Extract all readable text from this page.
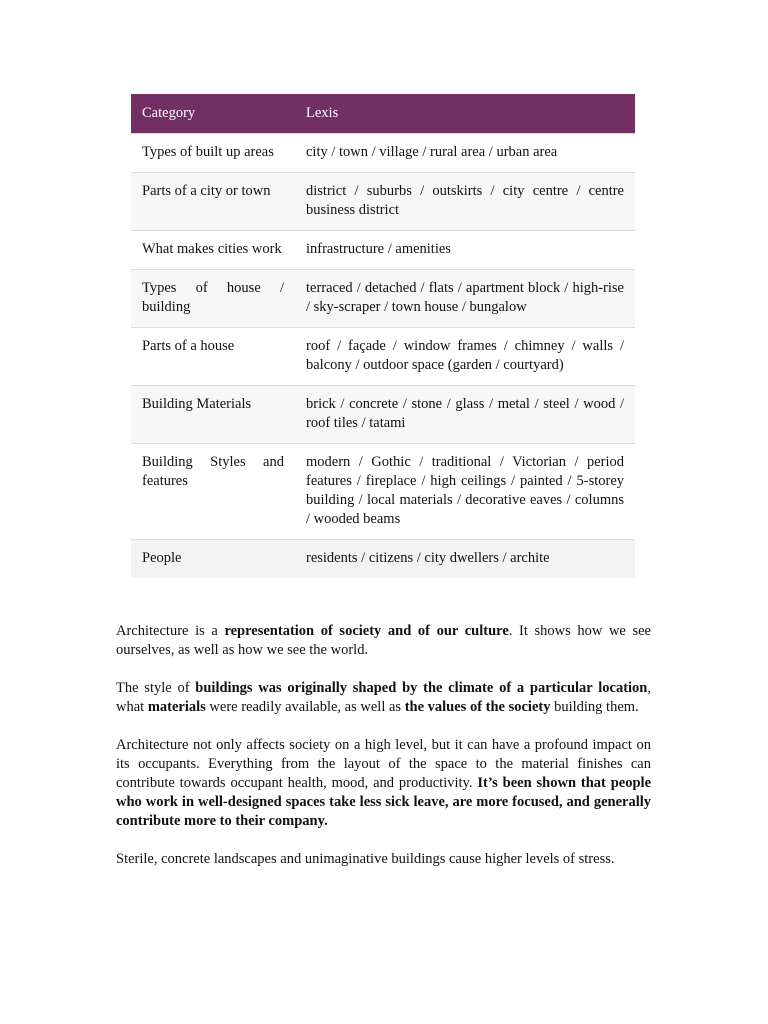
Category	Lexis
Types of built up areas	city / town / village / rural area / urban area
Parts of a city or town	district / suburbs / outskirts / city centre / centre business district
What makes cities work	infrastructure / amenities
Types of house / building	terraced / detached / flats / apartment block / high-rise / sky-scraper / town house / bungalow
Parts of a house	roof / façade / window frames / chimney / walls / balcony / outdoor space (garden / courtyard)
Building Materials	brick / concrete / stone / glass / metal / steel / wood / roof tiles / tatami
Building Styles and features	modern / Gothic / traditional / Victorian / period features / fireplace / high ceilings / painted / 5-storey building / local materials / decorative eaves / columns / wooded beams
People	residents / citizens / city dwellers / archite

Architecture is a representation of society and of our culture. It shows how we see ourselves, as well as how we see the world.

The style of buildings was originally shaped by the climate of a particular location, what materials were readily available, as well as the values of the society building them.

Architecture not only affects society on a high level, but it can have a profound impact on its occupants. Everything from the layout of the space to the material finishes can contribute towards occupant health, mood, and productivity. It’s been shown that people who work in well-designed spaces take less sick leave, are more focused, and generally contribute more to their company.

Sterile, concrete landscapes and unimaginative buildings cause higher levels of stress.
